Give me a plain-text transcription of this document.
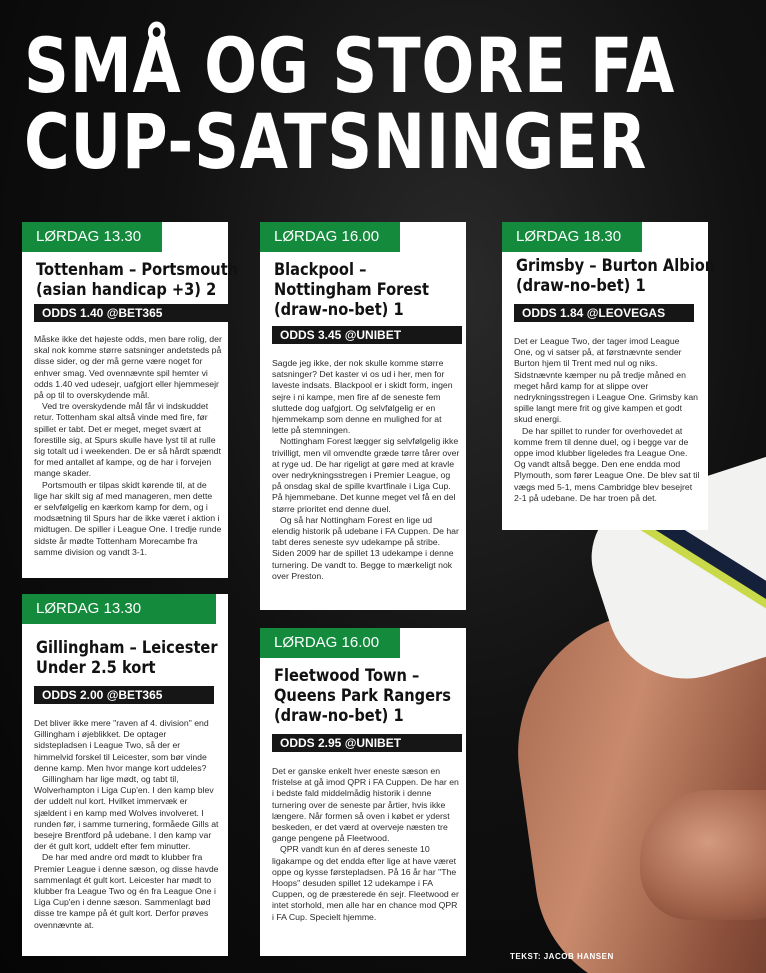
SMÅ OG STORE FA
CUP-SATSNINGER
LØRDAG 13.30
Tottenham – Portsmouth
(asian handicap +3) 2
ODDS 1.40 @BET365

Måske ikke det højeste odds, men bare rolig, der skal nok komme større satsninger andetsteds på disse sider, og der må gerne være noget for enhver smag. Ved ovennævnte spil hemter vi odds 1.40 ved udesejr, uafgjort eller hjemmesejr på op til to overskydende mål.

Ved tre overskydende mål får vi indskuddet retur. Tottenham skal altså vinde med fire, før spillet er tabt. Det er meget, meget svært at forestille sig, at Spurs skulle have lyst til at rulle sig totalt ud i weekenden. De er så hårdt spændt for med antallet af kampe, og de har i forvejen mange skader.

Portsmouth er tilpas skidt kørende til, at de lige har skilt sig af med manageren, men dette er selvfølgelig en kærkom kamp for dem, og i modsætning til Spurs har de ikke været i aktion i midtugen. De spiller i League One. I tredje runde sidste år mødte Tottenham Morecambe fra samme division og vandt 3-1.

LØRDAG 16.00
Blackpool –
Nottingham Forest
(draw-no-bet) 1
ODDS 3.45 @UNIBET

Sagde jeg ikke, der nok skulle komme større satsninger? Det kaster vi os ud i her, men for laveste indsats. Blackpool er i skidt form, ingen sejre i ni kampe, men fire af de seneste fem sluttede dog uafgjort. Og selvfølgelig er en hjemmekamp som denne en mulighed for at lette på stemningen.

Nottingham Forest lægger sig selvfølgelig ikke trivilligt, men vil omvendte græde tørre tårer over at ryge ud. De har rigeligt at gøre med at kravle over nedrykningsstregen i Premier League, og på onsdag skal de spille kvartfinale i Liga Cup. På hjemmebane. Det kunne meget vel få en del større prioritet end denne duel.

Og så har Nottingham Forest en lige ud elendig historik på udebane i FA Cuppen. De har tabt deres seneste syv udekampe på stribe. Siden 2009 har de spillet 13 udekampe i denne turnering. De vandt to. Begge to mærkeligt nok over Preston.

LØRDAG 18.30
Grimsby – Burton Albion
(draw-no-bet) 1
ODDS 1.84 @LEOVEGAS

Det er League Two, der tager imod League One, og vi satser på, at førstnævnte sender Burton hjem til Trent med nul og niks. Sidstnævnte kæmper nu på tredje måned en meget hård kamp for at slippe over nedrykningsstregen i League One. Grimsby kan spille langt mere frit og give kampen et godt skud energi.

De har spillet to runder for overhovedet at komme frem til denne duel, og i begge var de oppe imod klubber ligeledes fra League One. Og vandt altså begge. Den ene endda mod Plymouth, som fører League One. De blev sat til vægs med 5-1, mens Cambridge blev besejret 2-1 på udebane. De har troen på det.

LØRDAG 13.30
Gillingham – Leicester
Under 2.5 kort
ODDS 2.00 @BET365

Det bliver ikke mere "raven af 4. division" end Gillingham i øjeblikket. De optager sidstepladsen i League Two, så der er himmelvid forskel til Leicester, som bør vinde denne kamp. Men hvor mange kort uddeles?

Gillingham har lige mødt, og tabt til, Wolverhampton i Liga Cup'en. I den kamp blev der uddelt nul kort. Hvilket immervæk er sjældent i en kamp med Wolves involveret. I runden før, i samme turnering, formåede Gills at besejre Brentford på udebane. I den kamp var der ét gult kort, uddelt efter fem minutter.

De har med andre ord mødt to klubber fra Premier League i denne sæson, og disse havde sammenlagt ét gult kort. Leicester har mødt to klubber fra League Two og én fra League One i Liga Cup'en i denne sæson. Sammenlagt bød disse tre kampe på ét gult kort. Derfor prøves ovennævnte at.

LØRDAG 16.00
Fleetwood Town –
Queens Park Rangers
(draw-no-bet) 1
ODDS 2.95 @UNIBET

Det er ganske enkelt hver eneste sæson en fristelse at gå imod QPR i FA Cuppen. De har en i bedste fald middelmådig historik i denne turnering over de seneste par årtier, hvis ikke længere. Når formen så oven i købet er yderst beskeden, er det værd at overveje næsten tre gange pengene på Fleetwood.

QPR vandt kun én af deres seneste 10 ligakampe og det endda efter lige at have været oppe og kysse førstepladsen. På 16 år har "The Hoops" desuden spillet 12 udekampe i FA Cuppen, og de præsterede én sejr. Fleetwood er intet storhold, men alle har en chance mod QPR i FA Cup. Specielt hjemme.

TEKST: JACOB HANSEN
